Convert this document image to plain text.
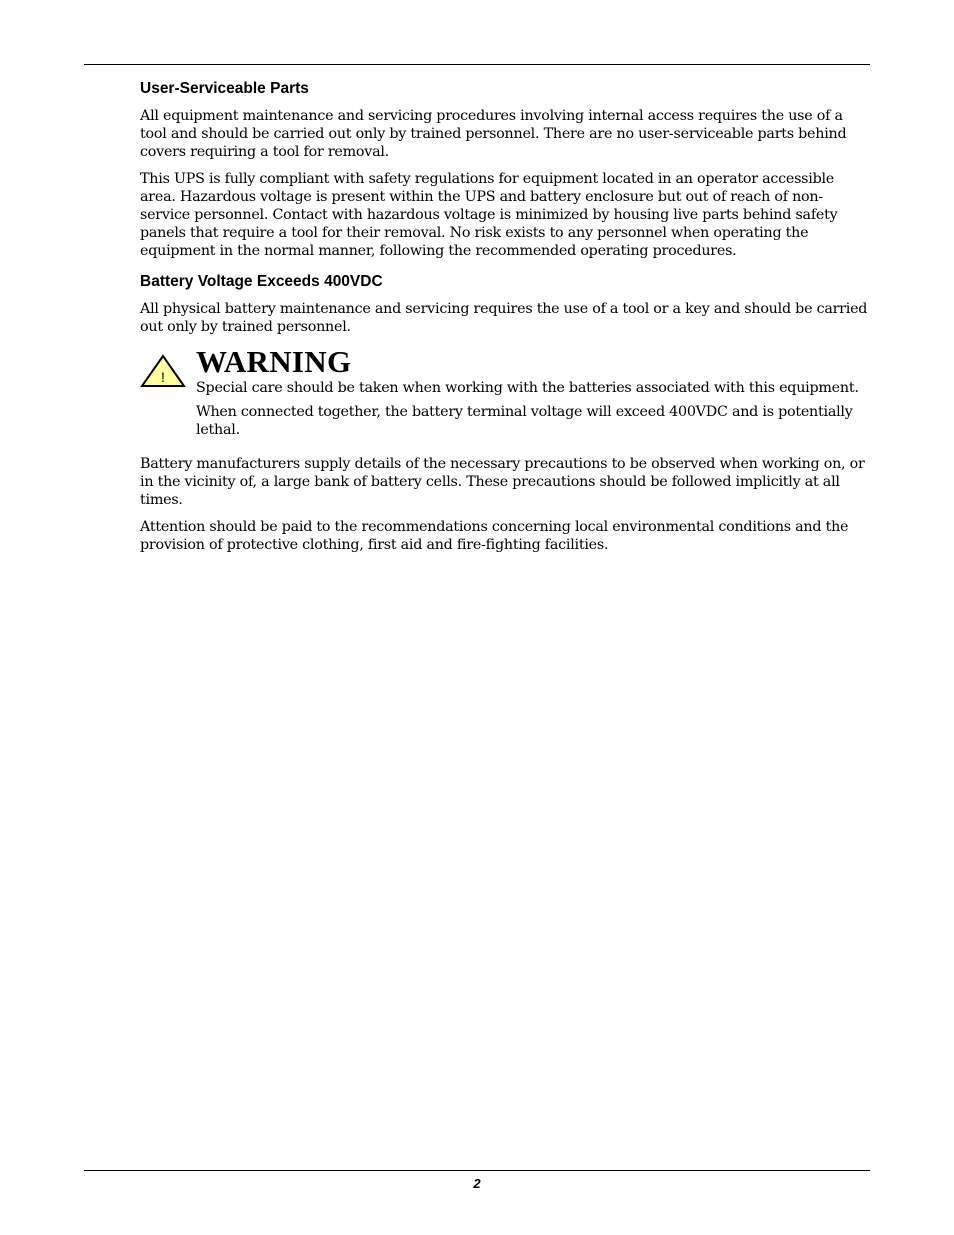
User-Serviceable Parts

All equipment maintenance and servicing procedures involving internal access requires the use of a tool and should be carried out only by trained personnel. There are no user-serviceable parts behind covers requiring a tool for removal.

This UPS is fully compliant with safety regulations for equipment located in an operator accessible area. Hazardous voltage is present within the UPS and battery enclosure but out of reach of non-service personnel. Contact with hazardous voltage is minimized by housing live parts behind safety panels that require a tool for their removal. No risk exists to any personnel when operating the equipment in the normal manner, following the recommended operating procedures.

Battery Voltage Exceeds 400VDC

All physical battery maintenance and servicing requires the use of a tool or a key and should be carried out only by trained personnel.

! WARNING

Special care should be taken when working with the batteries associated with this equipment.

When connected together, the battery terminal voltage will exceed 400VDC and is potentially lethal.

Battery manufacturers supply details of the necessary precautions to be observed when working on, or in the vicinity of, a large bank of battery cells. These precautions should be followed implicitly at all times.

Attention should be paid to the recommendations concerning local environmental conditions and the provision of protective clothing, first aid and fire-fighting facilities.

2
